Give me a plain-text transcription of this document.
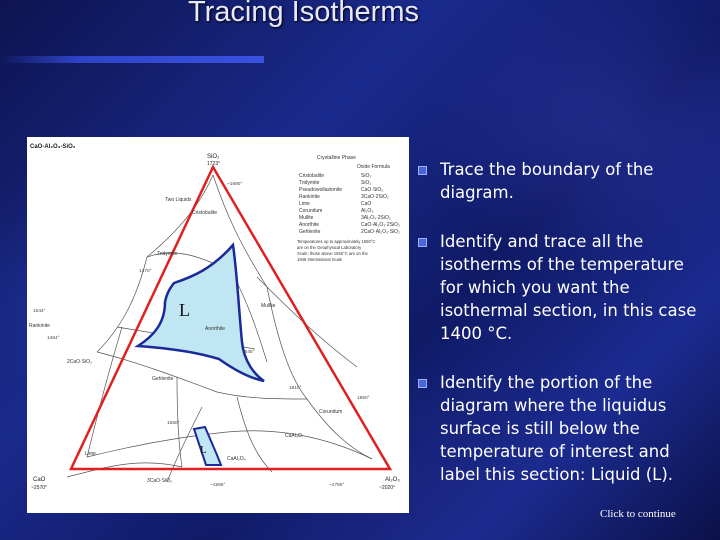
Tracing Isotherms
CaO-Al₂O₃-SiO₂
Crystalline Phase
Oxide Formula
Cristobalite	SiO₂
Tridymite	SiO₂
Pseudowollastonite	CaO·SiO₂
Rankinite	3CaO·2SiO₂
Lime	CaO
Corundum	Al₂O₃
Mullite	3Al₂O₃·2SiO₂
Anorthite	CaO·Al₂O₃·2SiO₂
Gehlenite	2CaO·Al₂O₃·SiO₂
Temperatures up to approximately 1550°C are on the Geophysical Laboratory Scale; those above 1550°C are on the 1948 International Scale
L
L
SiO₂
1723°
CaO
~2570°
Al₂O₃
~2020°
Two Liquids
Cristobalite
Tridymite
Rankinite
Lime
Mullite
Anorthite
Gehlenite
Corundum
CaAl₄O₇
CaAl₂O₄
3CaO·SiO₂
2CaO·SiO₂
~1690°
1470°
1544°
1464°
1545°
1810°
1550°
1850°
~1595°	~1750°
Trace the boundary of the diagram.
Identify and trace all the isotherms of the temperature for which you want the isothermal section, in this case 1400 °C.
Identify the portion of the diagram where the liquidus surface is still below the temperature of interest and label this section: Liquid (L).
Click to continue
